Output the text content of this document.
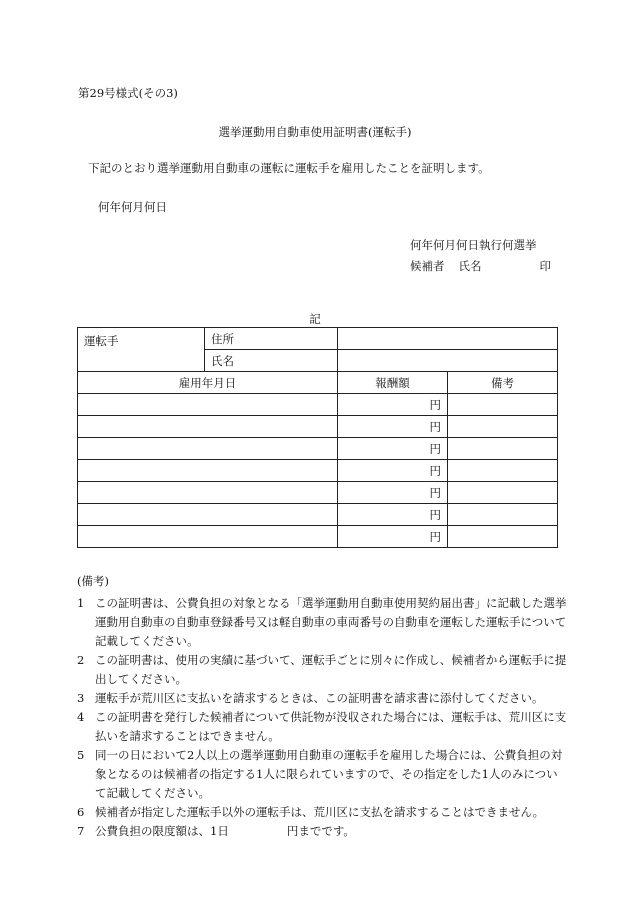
第29号様式(その3)
選挙運動用自動車使用証明書(運転手)
下記のとおり選挙運動用自動車の運転に運転手を雇用したことを証明します。
何年何月何日
何年何月何日執行何選挙
候補者 氏名	印
記
運転手	住所		
	氏名		
雇用年月日		報酬額	備考
		円	
		円	
		円	
		円	
		円	
		円	
		円	
(備考)
1 この証明書は、公費負担の対象となる「選挙運動用自動車使用契約届出書」に記載した選挙運動用自動車の自動車登録番号又は軽自動車の車両番号の自動車を運転した運転手について記載してください。
2 この証明書は、使用の実績に基づいて、運転手ごとに別々に作成し、候補者から運転手に提出してください。
3 運転手が荒川区に支払いを請求するときは、この証明書を請求書に添付してください。
4 この証明書を発行した候補者について供託物が没収された場合には、運転手は、荒川区に支払いを請求することはできません。
5 同一の日において2人以上の選挙運動用自動車の運転手を雇用した場合には、公費負担の対象となるのは候補者の指定する1人に限られていますので、その指定をした1人のみについて記載してください。
6 候補者が指定した運転手以外の運転手は、荒川区に支払を請求することはできません。
7 公費負担の限度額は、1日	円までです。
